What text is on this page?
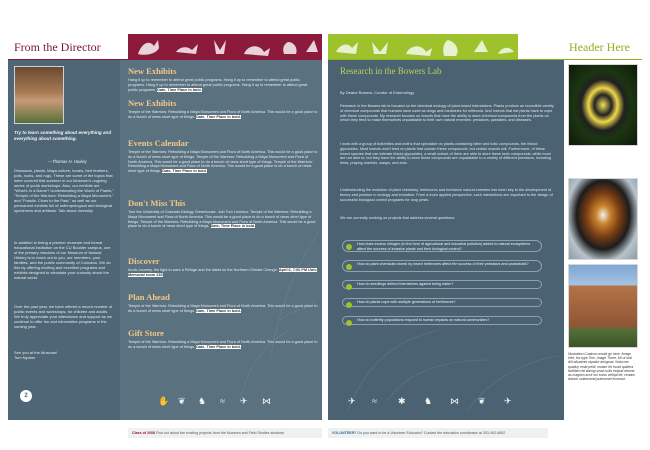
From the Director
Try to learn something about everything and everything about something.
—Thomas H. Huxley
Dinosaurs, plants, Maya culture, bones, bird feathers, pots, rocks, and rugs. These are some of the topics that were covered this summer in our Museum's ongoing series of youth workshops. Also, our exhibits are "What's In a Name? Understanding the World of Plants," "Temple of the Warriors: Rebuilding a Maya Monument," and "Fossils: Clues to the Past," as well as our permanent exhibits full of anthropological and biological specimens and artifacts. Talk about diversity!
In addition to being a premier museum and formal educational institution on the CU Boulder campus, one of the primary missions of our Museum of Natural History is to reach out to you, our members, your families, and the public community of Colorado. We do this by offering exciting and excellent programs and exhibits designed to stimulate your curiosity about the natural world.
Over the past year, we have offered a record number of public events and workshops, for children and adults. We truly appreciate your attendance and support as we continue to offer fun and informative programs in the coming year.
See you at the Museum!
Tom Nydeer
2
New Exhibits

Hang it up to remember to attend great public programs. Hang it up to remember to attend great public programs. Hang it up to remember to attend great public programs. Hang it up to remember to attend great public programs. Date, Time Place in bold.

New Exhibits

Temple of the Warriors: Rebuilding a Maya Monument and Flora of North America. This would be a good place to do a bunch of news short type of things. Date, Time Place in bold.

Events Calendar

Temple of the Warriors: Rebuilding a Maya Monument and Flora of North America. This would be a good place to do a bunch of news short type of things. Temple of the Warriors: Rebuilding a Maya Monument and Flora of North America. This would be a good place to do a bunch of news short type of things. Temple of the Warriors: Rebuilding a Maya Monument and Flora of North America. This would be a good place to do a bunch of news short type of things. Date, Time Place in bold.

Don't Miss This

Tour the University of Colorado Biology Greenhouse. Join Tom Lemieux. Temple of the Warriors: Rebuilding a Maya Monument and Flora of North America. This would be a good place to do a bunch of news short type of things. Temple of the Warriors: Rebuilding a Maya Monument and Flora of North America. This would be a good place to do a bunch of news short type of things. Date, Time Place in bold.

Discover

Arctic Journey, the fight to save a Refuge and the latest on the Northern Climate Change. April 6, 7:00 PM Univ. Memorial room 235

Plan Ahead

Temple of the Warriors: Rebuilding a Maya Monument and Flora of North America. This would be a good place to do a bunch of news short type of things. Date, Time Place in bold.

Gift Store

Temple of the Warriors: Rebuilding a Maya Monument and Flora of North America. This would be a good place to do a bunch of news short type of things. Date, Time Place in bold.

✋ ❦ ♞ ≈ ✈ ⋈
Class of 2008 Find out about the exciting projects from the Museum and Field Studies students
Header Here
Research in the Bowers Lab
By Deane Bowers, Curator of Entomology
Research in the Bowers lab is focused on the chemical ecology of plant-insect interactions. Plants produce an incredible variety of chemical compounds that humans have used as drugs and medicines for millennia. And insects that eat plants have to cope with these compounds. My research focuses on insects that have the ability to store chemical compounds from the plants on which they feed to make themselves unpalatable to their own natural enemies: predators, parasites, and diseases.
I work with a group of butterflies and moths that specialize on plants containing bitter and toxic compounds, the iridoid glycosides. Most insects won't feed on plants that contain these compounds, but certain insects will. Furthermore, of these insect species that can tolerate iridoid glycosides, a small subset of them are able to store these toxic compounds, while most are not able to; but they have the ability to store these compounds are unpalatable to a variety of different predators, including birds, praying mantids, wasps, and ants.
Understanding the evolution of plant chemistry, herbivores and herbivore natural enemies has been key to the development of theory and practice in ecology and evolution. From a more applied perspective, such interactions are important to the design of successful biological control programs for crop pests.
We are currently working on projects that address several questions:
How does excess nitrogen (in the form of agricultural and industrial pollution) added to natural ecosystems affect the success of invasive plants and their biological control?
How do plant chemicals stored by insect herbivores affect the success of their predators and parasitoids?
How do seedlings defend themselves against being eaten?
How do plants cope with multiple generations of herbivores?
How do butterfly populations respond to human impacts on natural communities?
Illustration Cuatrom would go here. Image Hint, fox type Two, Image There, MI ut sint. Alit aliuaimnt utpatiur amigmat. Nolucme quattuy resid peliti, mulam tet lousit quidera facilitem fai darmg sinat cuilis eotpub dolone as magnim accil oul euiso vellnpt tet, veniam dolorio ostionsend praesenet evoesse.
✈ ≈ ✱ ♞ ⋈ ❦ ✈
VOLUNTEER? Do you want to be a Volunteer Educator? Contact the education coordinator at 303-492-6892
